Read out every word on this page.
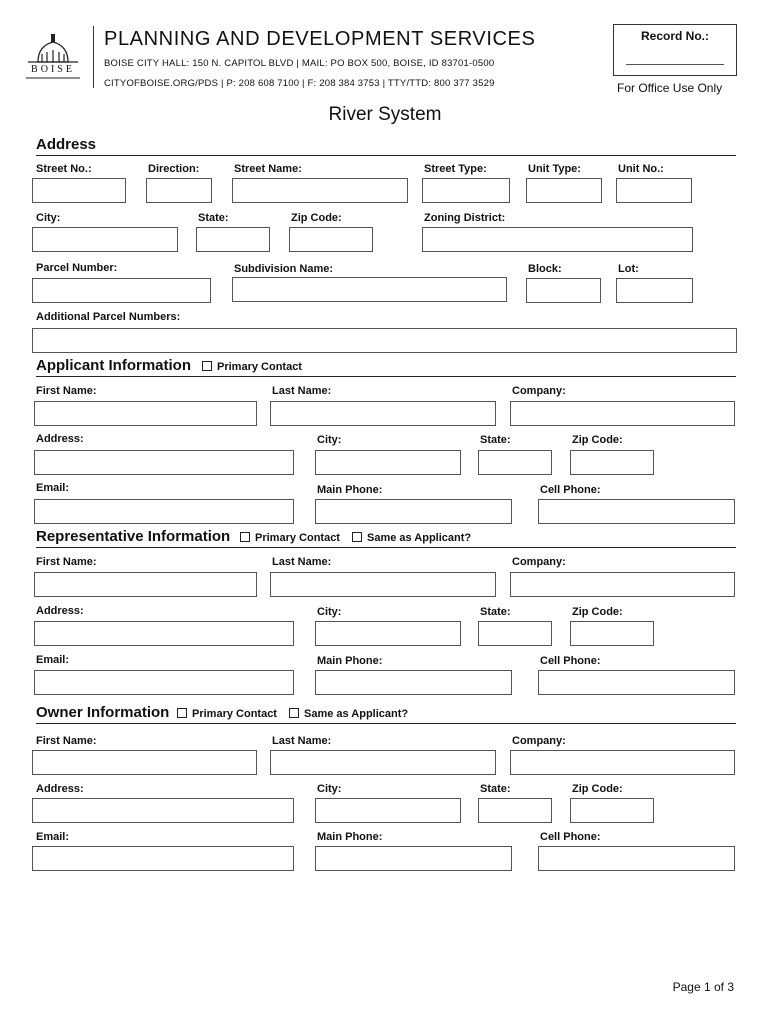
BOISE
PLANNING AND DEVELOPMENT SERVICES
BOISE CITY HALL: 150 N. CAPITOL BLVD | MAIL: PO BOX 500, BOISE, ID 83701-0500
CITYOFBOISE.ORG/PDS | P: 208 608 7100 | F: 208 384 3753 | TTY/TTD: 800 377 3529
Record No.:
For Office Use Only
River System
Address
Street No.:	Direction:	Street Name:	Street Type:	Unit Type:	Unit No.:
City:	State:	Zip Code:	Zoning District:
Parcel Number:	Subdivision Name:	Block:	Lot:
Additional Parcel Numbers:
Applicant Information	Primary Contact
First Name:	Last Name:	Company:
Address:	City:	State:	Zip Code:
Email:	Main Phone:	Cell Phone:
Representative Information	Primary Contact	Same as Applicant?
First Name:	Last Name:	Company:
Address:	City:	State:	Zip Code:
Email:	Main Phone:	Cell Phone:
Owner Information	Primary Contact	Same as Applicant?
First Name:	Last Name:	Company:
Address:	City:	State:	Zip Code:
Email:	Main Phone:	Cell Phone:
Page 1 of 3
